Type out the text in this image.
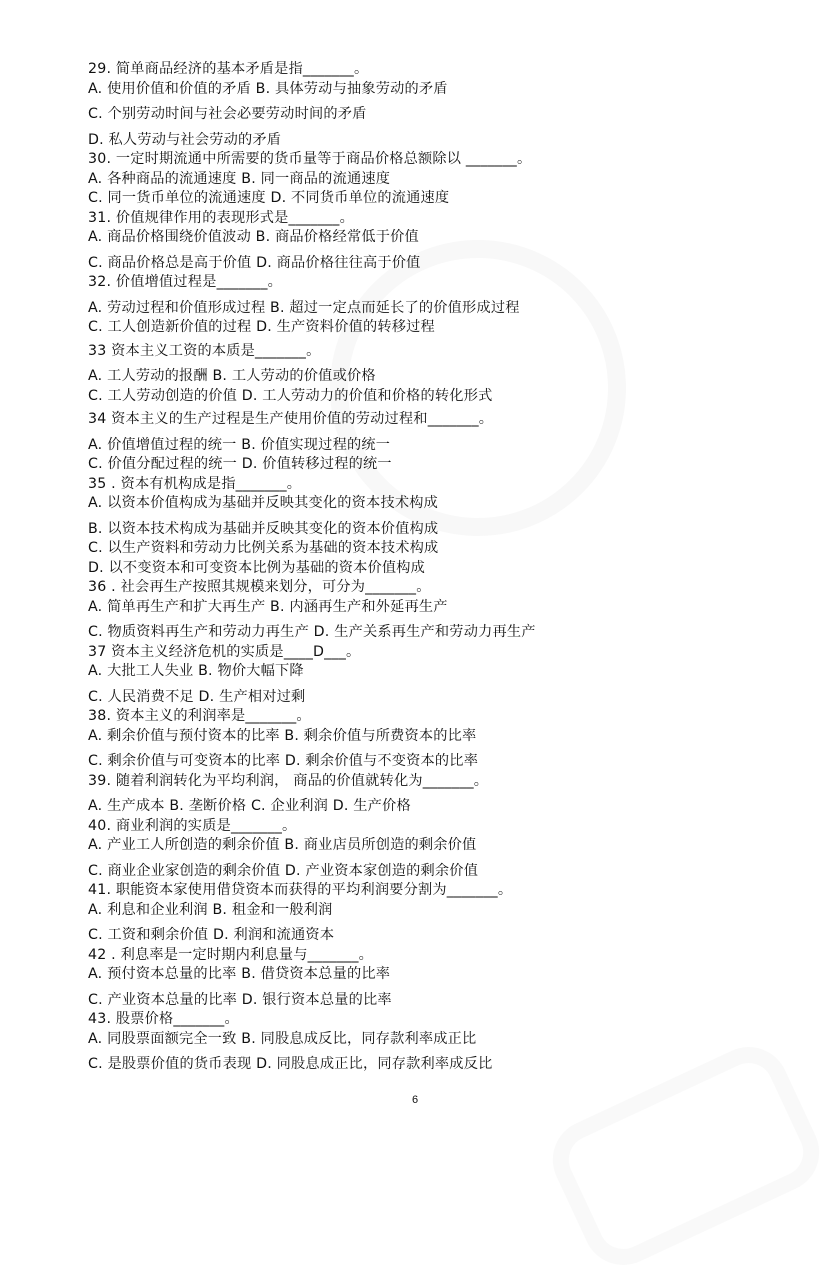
29. 简单商品经济的基本矛盾是指_______。
A. 使用价值和价值的矛盾 B. 具体劳动与抽象劳动的矛盾
C. 个别劳动时间与社会必要劳动时间的矛盾
D. 私人劳动与社会劳动的矛盾
30. 一定时期流通中所需要的货币量等于商品价格总额除以 _______。
A. 各种商品的流通速度 B. 同一商品的流通速度
C. 同一货币单位的流通速度 D. 不同货币单位的流通速度
31. 价值规律作用的表现形式是_______。
A. 商品价格围绕价值波动 B. 商品价格经常低于价值
C. 商品价格总是高于价值 D. 商品价格往往高于价值
32. 价值增值过程是_______。
A. 劳动过程和价值形成过程 B. 超过一定点而延长了的价值形成过程
C. 工人创造新价值的过程 D. 生产资料价值的转移过程
33 资本主义工资的本质是_______。
A. 工人劳动的报酬 B. 工人劳动的价值或价格
C. 工人劳动创造的价值 D. 工人劳动力的价值和价格的转化形式
34 资本主义的生产过程是生产使用价值的劳动过程和_______。
A. 价值增值过程的统一 B. 价值实现过程的统一
C. 价值分配过程的统一 D. 价值转移过程的统一
35 . 资本有机构成是指_______。
A. 以资本价值构成为基础并反映其变化的资本技术构成
B. 以资本技术构成为基础并反映其变化的资本价值构成
C. 以生产资料和劳动力比例关系为基础的资本技术构成
D. 以不变资本和可变资本比例为基础的资本价值构成
36 . 社会再生产按照其规模来划分，可分为_______。
A. 简单再生产和扩大再生产 B. 内涵再生产和外延再生产
C. 物质资料再生产和劳动力再生产 D. 生产关系再生产和劳动力再生产
37 资本主义经济危机的实质是____D___。
A. 大批工人失业 B. 物价大幅下降
C. 人民消费不足 D. 生产相对过剩
38. 资本主义的利润率是_______。
A. 剩余价值与预付资本的比率 B. 剩余价值与所费资本的比率
C. 剩余价值与可变资本的比率 D. 剩余价值与不变资本的比率
39. 随着利润转化为平均利润， 商品的价值就转化为_______。
A. 生产成本 B. 垄断价格 C. 企业利润 D. 生产价格
40. 商业利润的实质是_______。
A. 产业工人所创造的剩余价值 B. 商业店员所创造的剩余价值
C. 商业企业家创造的剩余价值 D. 产业资本家创造的剩余价值
41. 职能资本家使用借贷资本而获得的平均利润要分割为_______。
A. 利息和企业利润 B. 租金和一般利润
C. 工资和剩余价值 D. 利润和流通资本
42 . 利息率是一定时期内利息量与_______。
A. 预付资本总量的比率 B. 借贷资本总量的比率
C. 产业资本总量的比率 D. 银行资本总量的比率
43. 股票价格_______。
A. 同股票面额完全一致 B. 同股息成反比，同存款利率成正比
C. 是股票价值的货币表现 D. 同股息成正比，同存款利率成反比
6
